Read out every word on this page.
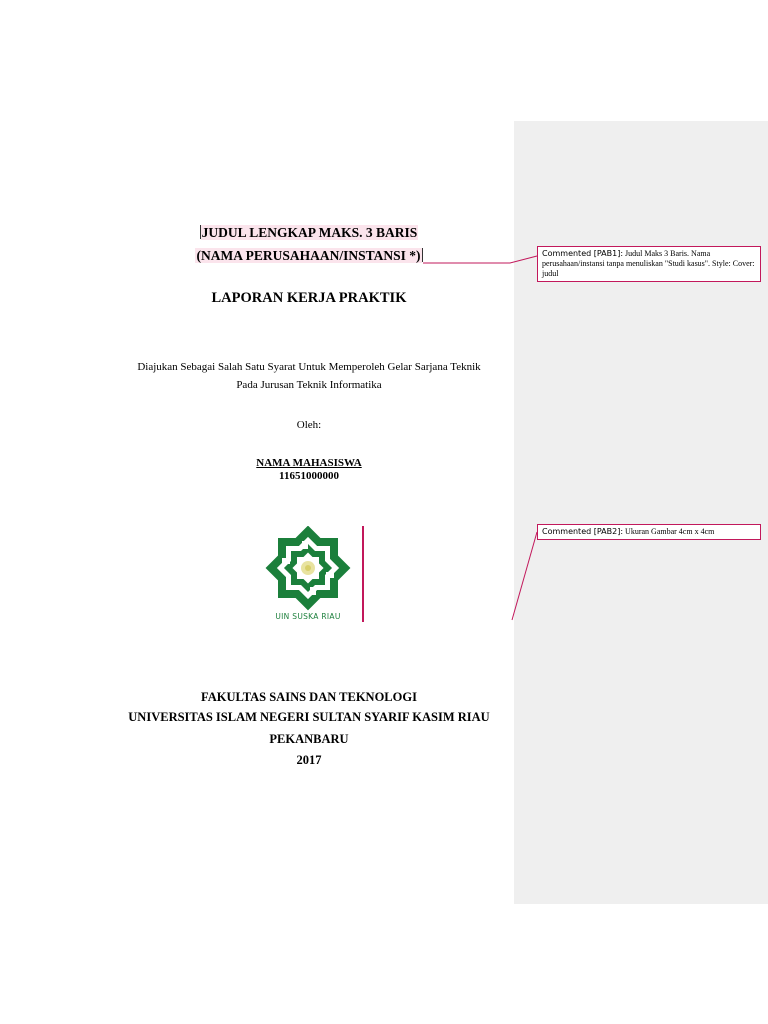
JUDUL LENGKAP MAKS. 3 BARIS
(NAMA PERUSAHAAN/INSTANSI *)
LAPORAN KERJA PRAKTIK
Diajukan Sebagai Salah Satu Syarat Untuk Memperoleh Gelar Sarjana Teknik
Pada Jurusan Teknik Informatika
Oleh:
NAMA MAHASISWA
11651000000
UIN SUSKA RIAU
FAKULTAS SAINS DAN TEKNOLOGI
UNIVERSITAS ISLAM NEGERI SULTAN SYARIF KASIM RIAU
PEKANBARU
2017
Commented [PAB1]: Judul Maks 3 Baris. Nama perusahaan/instansi tanpa menuliskan "Studi kasus". Style: Cover: judul
Commented [PAB2]: Ukuran Gambar 4cm x 4cm
